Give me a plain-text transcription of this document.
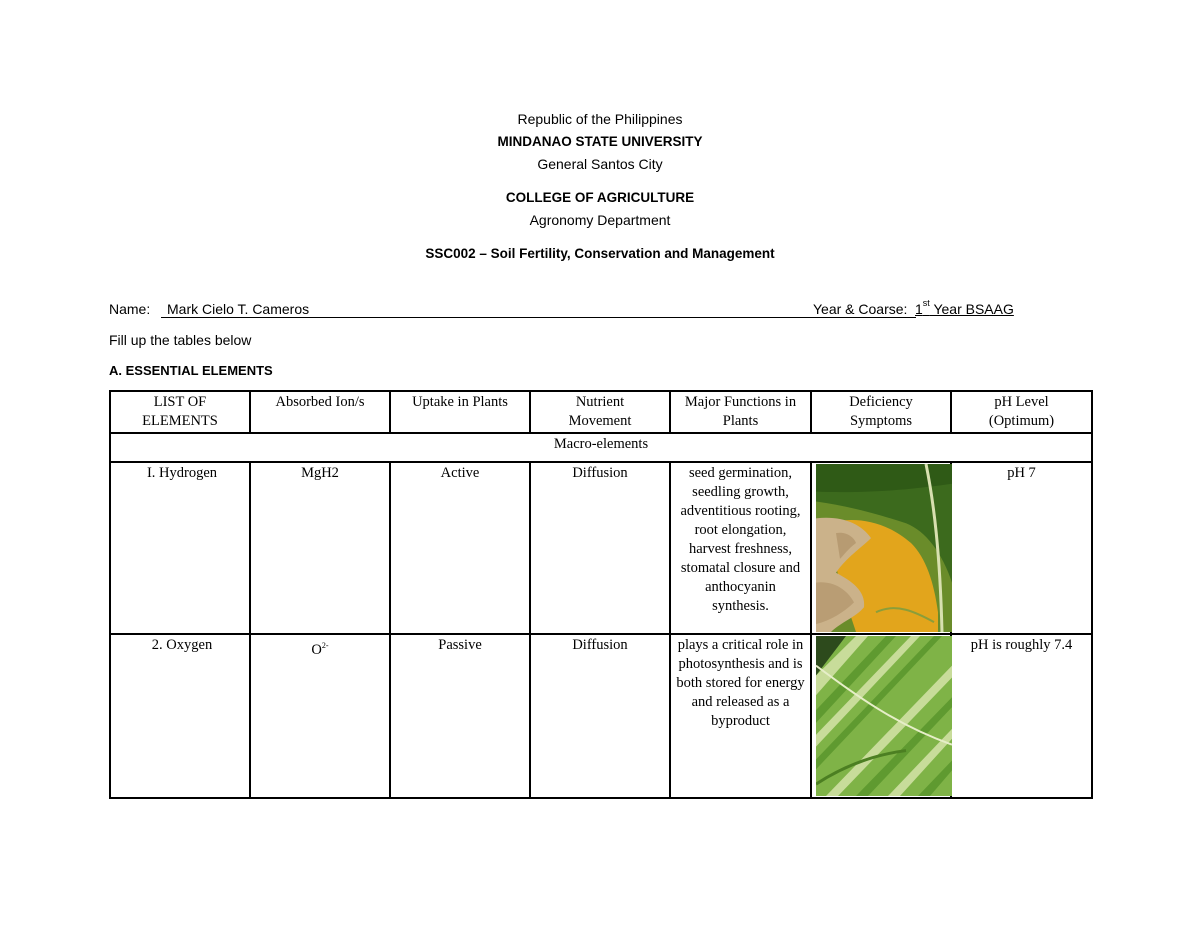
Republic of the Philippines
MINDANAO STATE UNIVERSITY
General Santos City
COLLEGE OF AGRICULTURE
Agronomy Department
SSC002 – Soil Fertility, Conservation and Management
Name: Mark Cielo T. Cameros	Year & Coarse: 1st Year BSAAG
Fill up the tables below
A. ESSENTIAL ELEMENTS
LIST OF ELEMENTS	Absorbed Ion/s	Uptake in Plants	Nutrient Movement	Major Functions in Plants	Deficiency Symptoms	pH Level (Optimum)
Macro-elements						
I. Hydrogen	MgH2	Active	Diffusion	seed germination, seedling growth, adventitious rooting, root elongation, harvest freshness, stomatal closure and anthocyanin synthesis.		pH 7
2. Oxygen	$O^{2-}$	Passive	Diffusion	plays a critical role in photosynthesis and is both stored for energy and released as a byproduct		pH is roughly 7.4
